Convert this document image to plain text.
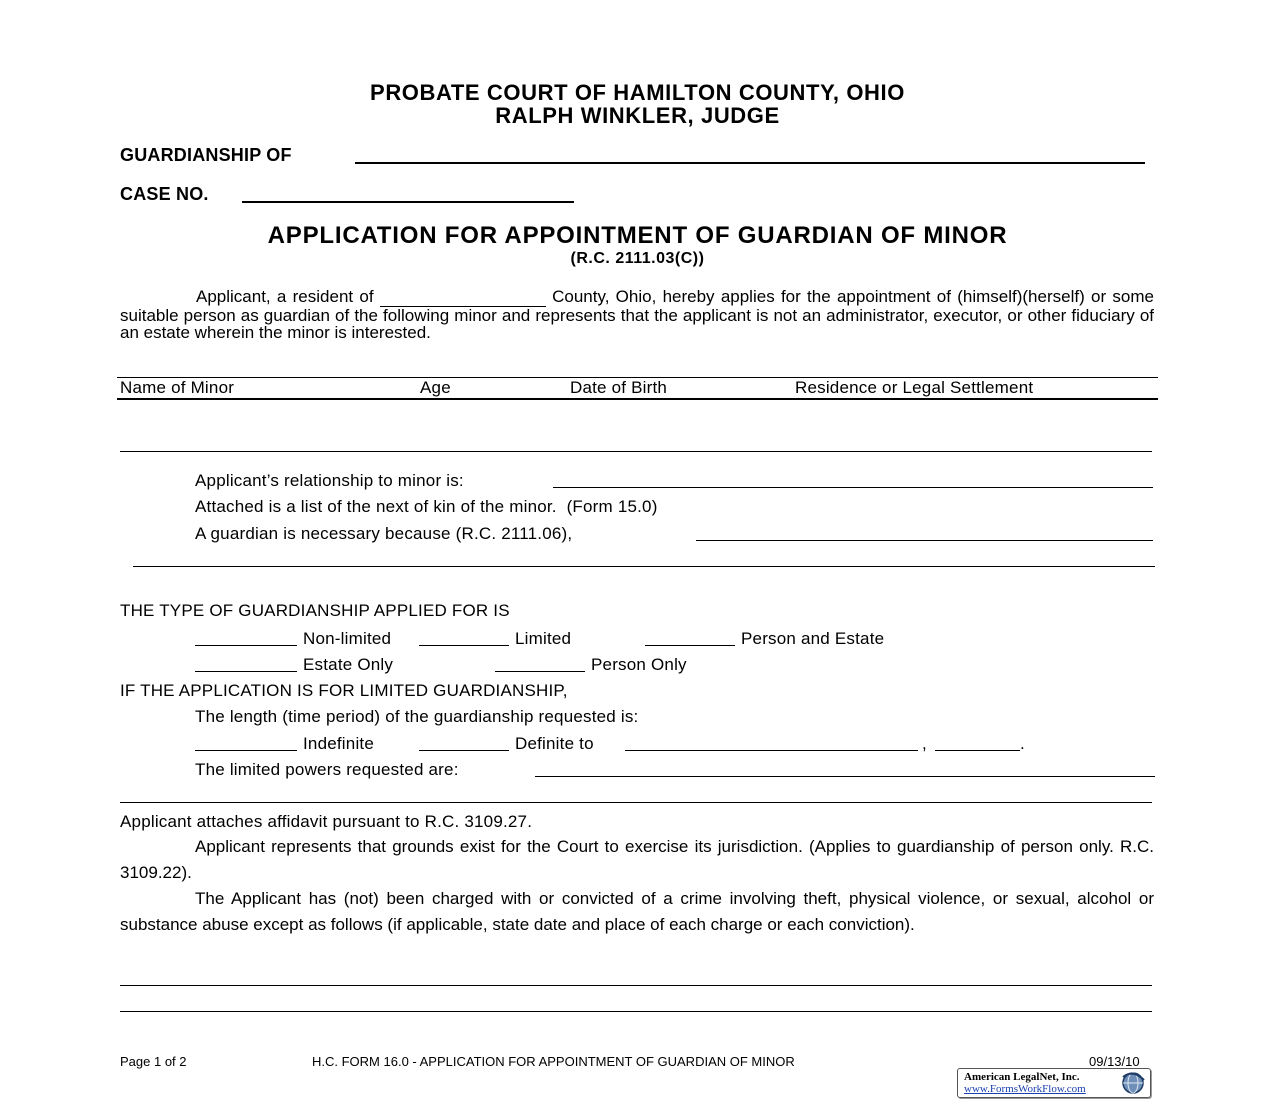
PROBATE COURT OF HAMILTON COUNTY, OHIO
RALPH WINKLER, JUDGE
GUARDIANSHIP OF
CASE NO.
APPLICATION FOR APPOINTMENT OF GUARDIAN OF MINOR
(R.C. 2111.03(C))
Applicant, a resident of	County, Ohio, hereby applies for the appointment of (himself)(herself) or some suitable person as guardian of the following minor and represents that the applicant is not an administrator, executor, or other fiduciary of an estate wherein the minor is interested.
Name of Minor	Age	Date of Birth	Residence or Legal Settlement
Applicant’s relationship to minor is:
Attached is a list of the next of kin of the minor.  (Form 15.0)
A guardian is necessary because (R.C. 2111.06),
THE TYPE OF GUARDIANSHIP APPLIED FOR IS
Non-limited	Limited	Person and Estate
Estate Only	Person Only
IF THE APPLICATION IS FOR LIMITED GUARDIANSHIP,
The length (time period) of the guardianship requested is:
Indefinite	Definite to	,	.
The limited powers requested are:
Applicant attaches affidavit pursuant to R.C. 3109.27.
Applicant represents that grounds exist for the Court to exercise its jurisdiction. (Applies to guardianship of person only. R.C. 3109.22).
The Applicant has (not) been charged with or convicted of a crime involving theft, physical violence, or sexual, alcohol or substance abuse except as follows (if applicable, state date and place of each charge or each conviction).
Page 1 of 2	H.C. FORM 16.0 - APPLICATION FOR APPOINTMENT OF GUARDIAN OF MINOR	09/13/10
American LegalNet, Inc.
www.FormsWorkFlow.com
